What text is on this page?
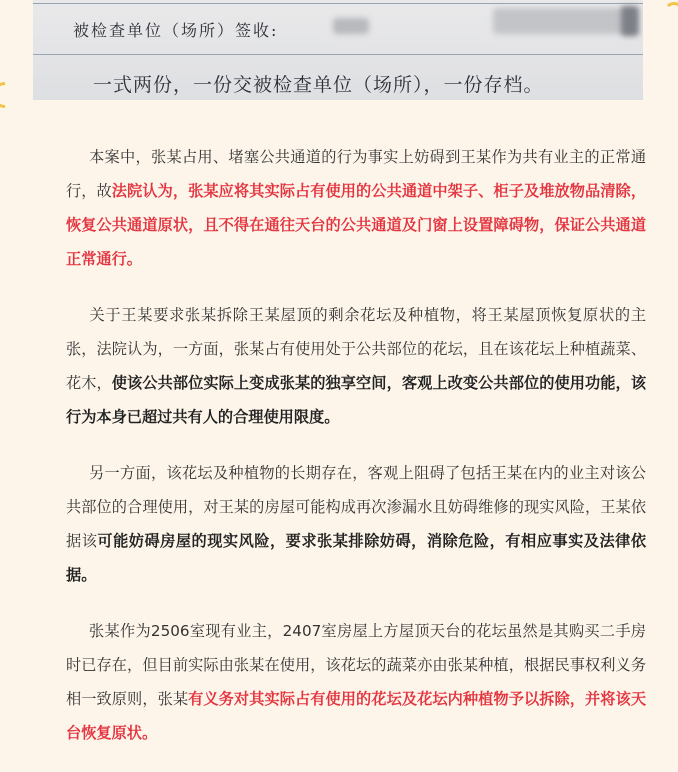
被检查单位（场所）签收:
一式两份，一份交被检查单位（场所），一份存档。

  本案中，张某占用、堵塞公共通道的行为事实上妨碍到王某作为共有业主的正常通行，故法院认为，张某应将其实际占有使用的公共通道中架子、柜子及堆放物品清除，恢复公共通道原状，且不得在通往天台的公共通道及门窗上设置障碍物，保证公共通道正常通行。

  关于王某要求张某拆除王某屋顶的剩余花坛及种植物，将王某屋顶恢复原状的主张，法院认为，一方面，张某占有使用处于公共部位的花坛，且在该花坛上种植蔬菜、花木，使该公共部位实际上变成张某的独享空间，客观上改变公共部位的使用功能，该行为本身已超过共有人的合理使用限度。

  另一方面，该花坛及种植物的长期存在，客观上阻碍了包括王某在内的业主对该公共部位的合理使用，对王某的房屋可能构成再次渗漏水且妨碍维修的现实风险，王某依据该可能妨碍房屋的现实风险，要求张某排除妨碍，消除危险，有相应事实及法律依据。

  张某作为2506室现有业主，2407室房屋上方屋顶天台的花坛虽然是其购买二手房时已存在，但目前实际由张某在使用，该花坛的蔬菜亦由张某种植，根据民事权利义务相一致原则，张某有义务对其实际占有使用的花坛及花坛内种植物予以拆除，并将该天台恢复原状。
